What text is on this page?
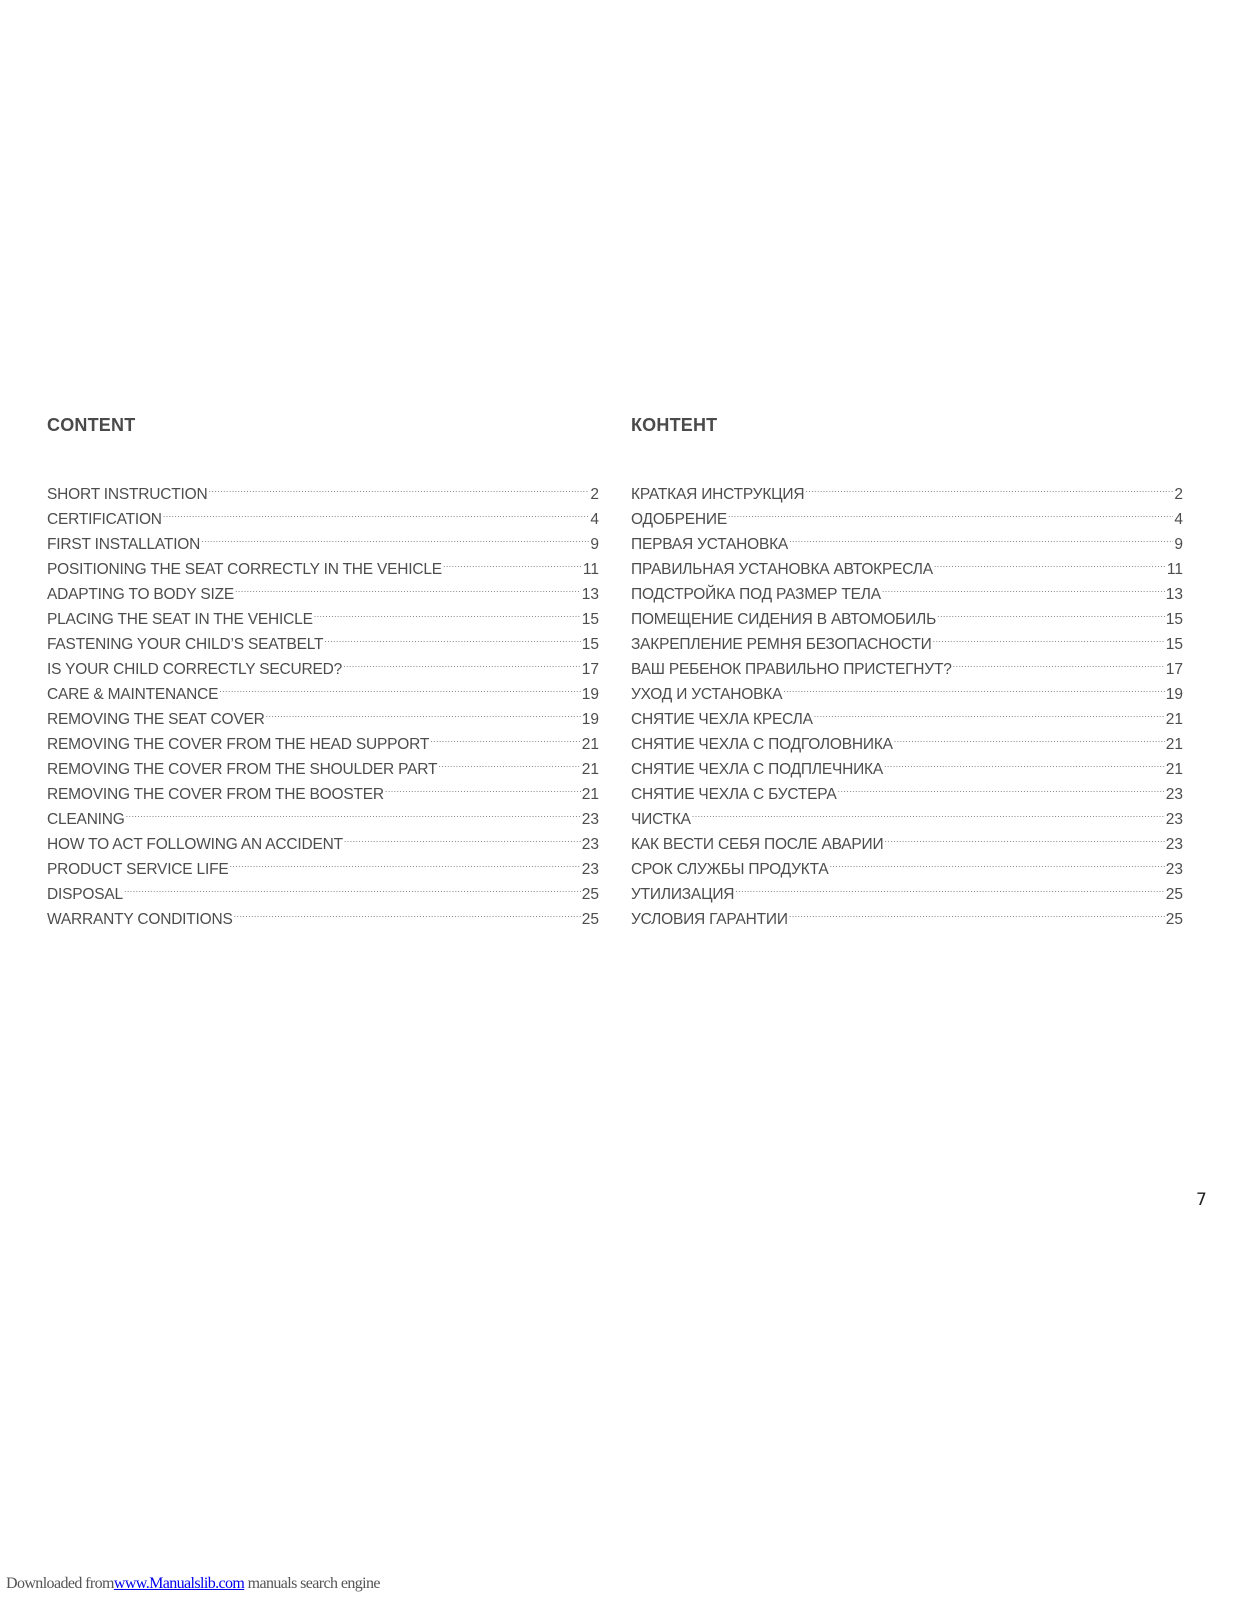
CONTENT
SHORT INSTRUCTION .....	2
CERTIFICATION .....	4
FIRST INSTALLATION .....	9
POSITIONING THE SEAT CORRECTLY IN THE VEHICLE .....	11
ADAPTING TO BODY SIZE .....	13
PLACING THE SEAT IN THE VEHICLE .....	15
FASTENING YOUR CHILD’S SEATBELT .....	15
IS YOUR CHILD CORRECTLY SECURED? .....	17
CARE & MAINTENANCE .....	19
REMOVING THE SEAT COVER .....	19
REMOVING THE COVER FROM THE HEAD SUPPORT .....	21
REMOVING THE COVER FROM THE SHOULDER PART .....	21
REMOVING THE COVER FROM THE BOOSTER .....	21
CLEANING .....	23
HOW TO ACT FOLLOWING AN ACCIDENT .....	23
PRODUCT SERVICE LIFE .....	23
DISPOSAL .....	25
WARRANTY CONDITIONS .....	25
КОНТЕНТ
КРАТКАЯ ИНСТРУКЦИЯ .....	2
ОДОБРЕНИЕ .....	4
ПЕРВАЯ УСТАНОВКА .....	9
ПРАВИЛЬНАЯ УСТАНОВКА АВТОКРЕСЛА .....	11
ПОДСТРОЙКА ПОД РАЗМЕР ТЕЛА .....	13
ПОМЕЩЕНИЕ СИДЕНИЯ В АВТОМОБИЛЬ .....	15
ЗАКРЕПЛЕНИЕ РЕМНЯ БЕЗОПАСНОСТИ .....	15
ВАШ РЕБЕНОК ПРАВИЛЬНО ПРИСТЕГНУТ? .....	17
УХОД И УСТАНОВКА .....	19
СНЯТИЕ ЧЕХЛА КРЕСЛА .....	21
СНЯТИЕ ЧЕХЛА С ПОДГОЛОВНИКА .....	21
СНЯТИЕ ЧЕХЛА С ПОДПЛЕЧНИКА .....	21
СНЯТИЕ ЧЕХЛА С БУСТЕРА .....	23
ЧИСТКА .....	23
КАК ВЕСТИ СЕБЯ ПОСЛЕ АВАРИИ .....	23
СРОК СЛУЖБЫ ПРОДУКТА .....	23
УТИЛИЗАЦИЯ .....	25
УСЛОВИЯ ГАРАНТИИ .....	25
7
Downloaded fromwww.Manualslib.com manuals search engine
